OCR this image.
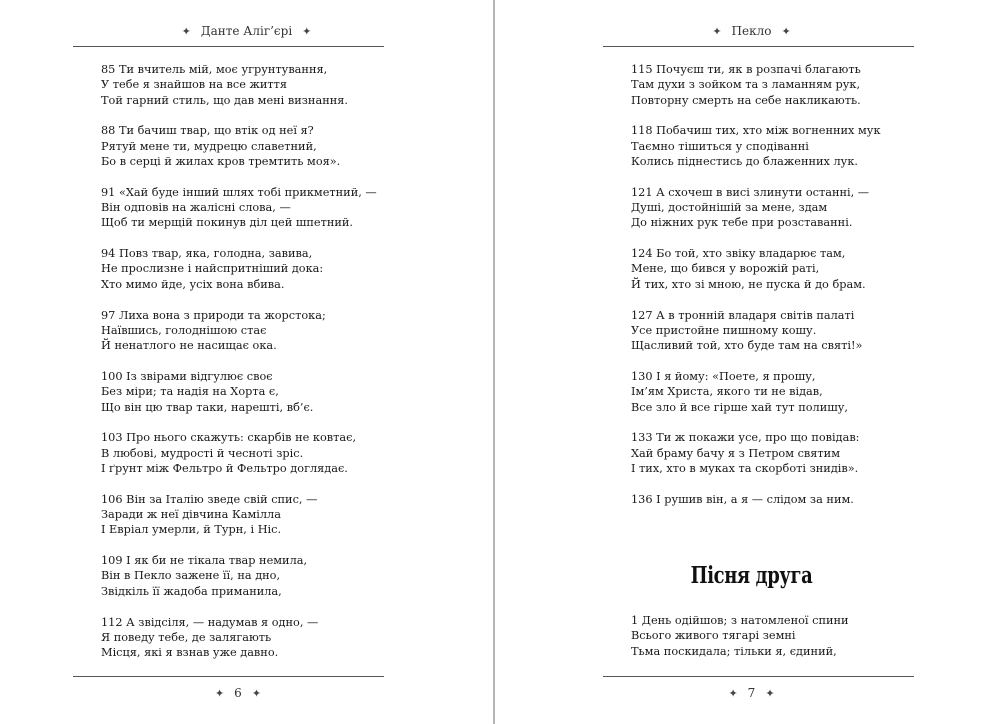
✦ Данте Аліг’єрі ✦
85 Ти вчитель мій, моє угрунтування,
У тебе я знайшов на все життя
Той гарний стиль, що дав мені визнання.
88 Ти бачиш твар, що втік од неї я?
Рятуй мене ти, мудрецю славетний,
Бо в серці й жилах кров тремтить моя».
91 «Хай буде інший шлях тобі прикметний, —
Він одповів на жалісні слова, —
Щоб ти мерщій покинув діл цей шпетний.
94 Повз твар, яка, голодна, завива,
Не прослизне і найспритніший дока:
Хто мимо йде, усіх вона вбива.
97 Лиха вона з природи та жорстока;
Наївшись, голоднішою стає
Й ненатлого не насищає ока.
100 Із звірами відгулює своє
Без міри; та надія на Хорта є,
Що він цю твар таки, нарешті, вб’є.
103 Про нього скажуть: скарбів не ковтає,
В любові, мудрості й чесноті зріс.
І ґрунт між Фельтро й Фельтро доглядає.
106 Він за Італію зведе свій спис, —
Заради ж неї дівчина Камілла
І Евріал умерли, й Турн, і Ніс.
109 І як би не тікала твар немила,
Він в Пекло зажене її, на дно,
Звідкіль її жадоба приманила,
112 А звідсіля, — надумав я одно, —
Я поведу тебе, де залягають
Місця, які я взнав уже давно.
✦ 6 ✦
✦ Пекло ✦
115 Почуєш ти, як в розпачі благають
Там духи з зойком та з ламанням рук,
Повторну смерть на себе накликають.
118 Побачиш тих, хто між вогненних мук
Таємно тішиться у сподіванні
Колись піднестись до блаженних лук.
121 А схочеш в висі злинути останні, —
Душі, достойнішій за мене, здам
До ніжних рук тебе при розставанні.
124 Бо той, хто звіку владарює там,
Мене, що бився у ворожій раті,
Й тих, хто зі мною, не пуска й до брам.
127 А в тронній владаря світів палаті
Усе пристойне пишному кошу.
Щасливий той, хто буде там на святі!»
130 І я йому: «Поете, я прошу,
Ім’ям Христа, якого ти не відав,
Все зло й все гірше хай тут полишу,
133 Ти ж покажи усе, про що повідав:
Хай браму бачу я з Петром святим
І тих, хто в муках та скорботі знидів».
136 І рушив він, а я — слідом за ним.
Пісня друга
1 День одійшов; з натомленої спини
Всього живого тягарі земні
Тьма поскидала; тільки я, єдиний,
✦ 7 ✦
